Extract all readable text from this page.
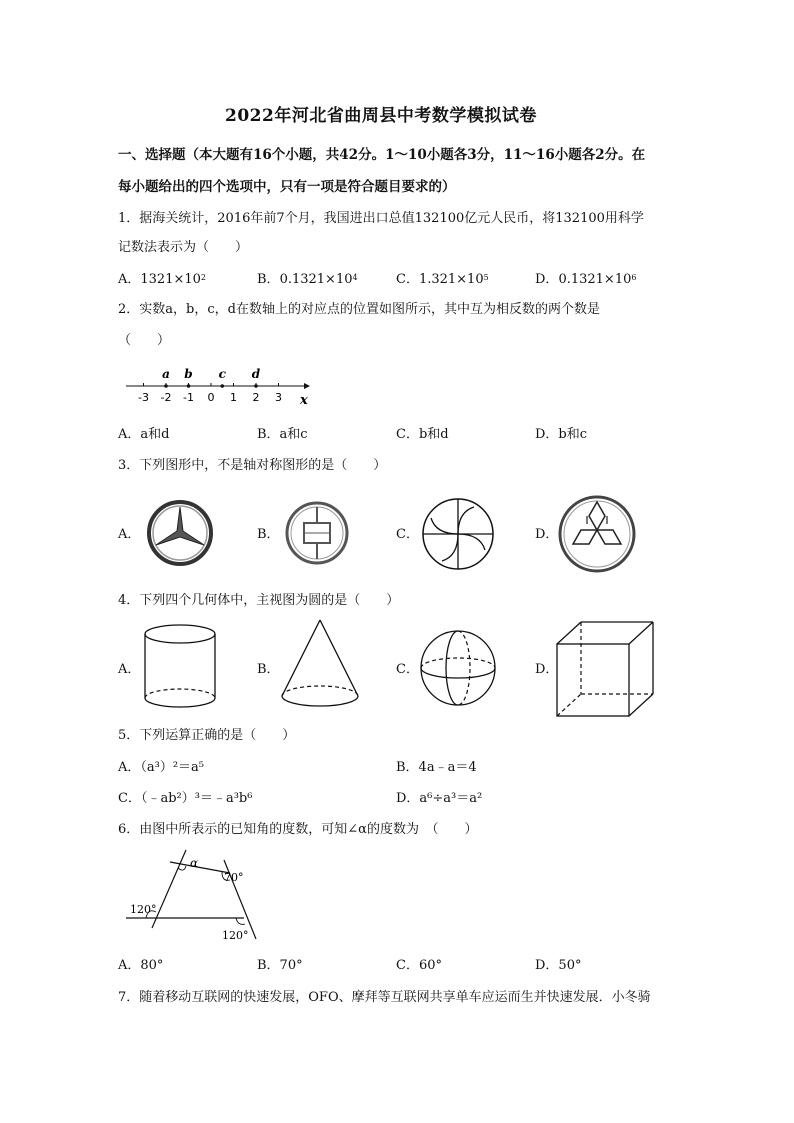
2022年河北省曲周县中考数学模拟试卷
一、选择题（本大题有16个小题，共42分。1～10小题各3分，11～16小题各2分。在
每小题给出的四个选项中，只有一项是符合题目要求的）
1．据海关统计，2016年前7个月，我国进出口总值132100亿元人民币，将132100用科学
记数法表示为（　　）
A．$1321\times 10^2$	B．$0.1321\times 10^4$	C．$1.321\times 10^5$	D．$0.1321\times 10^6$
2．实数a，b，c，d在数轴上的对应点的位置如图所示，其中互为相反数的两个数是
（　　）
-3 -2 -1 0 1 2 3
a b c d
x
A．a和d	B．a和c	C．b和d	D．b和c
3．下列图形中，不是轴对称图形的是（　　）
A．	B．	C．	D．
4．下列四个几何体中，主视图为圆的是（　　）
A．	B．	C．	D．
5．下列运算正确的是（　　）
A．（a³）²＝a⁵	B．4a﹣a＝4
C．（﹣ab²）³＝﹣a³b⁶	D．a⁶÷a³＝a²
6．由图中所表示的已知角的度数，可知∠α的度数为　（　　）
α
70°
120°
120°
A．80°	B．70°	C．60°	D．50°
7．随着移动互联网的快速发展，OFO、摩拜等互联网共享单车应运而生并快速发展．小冬骑
